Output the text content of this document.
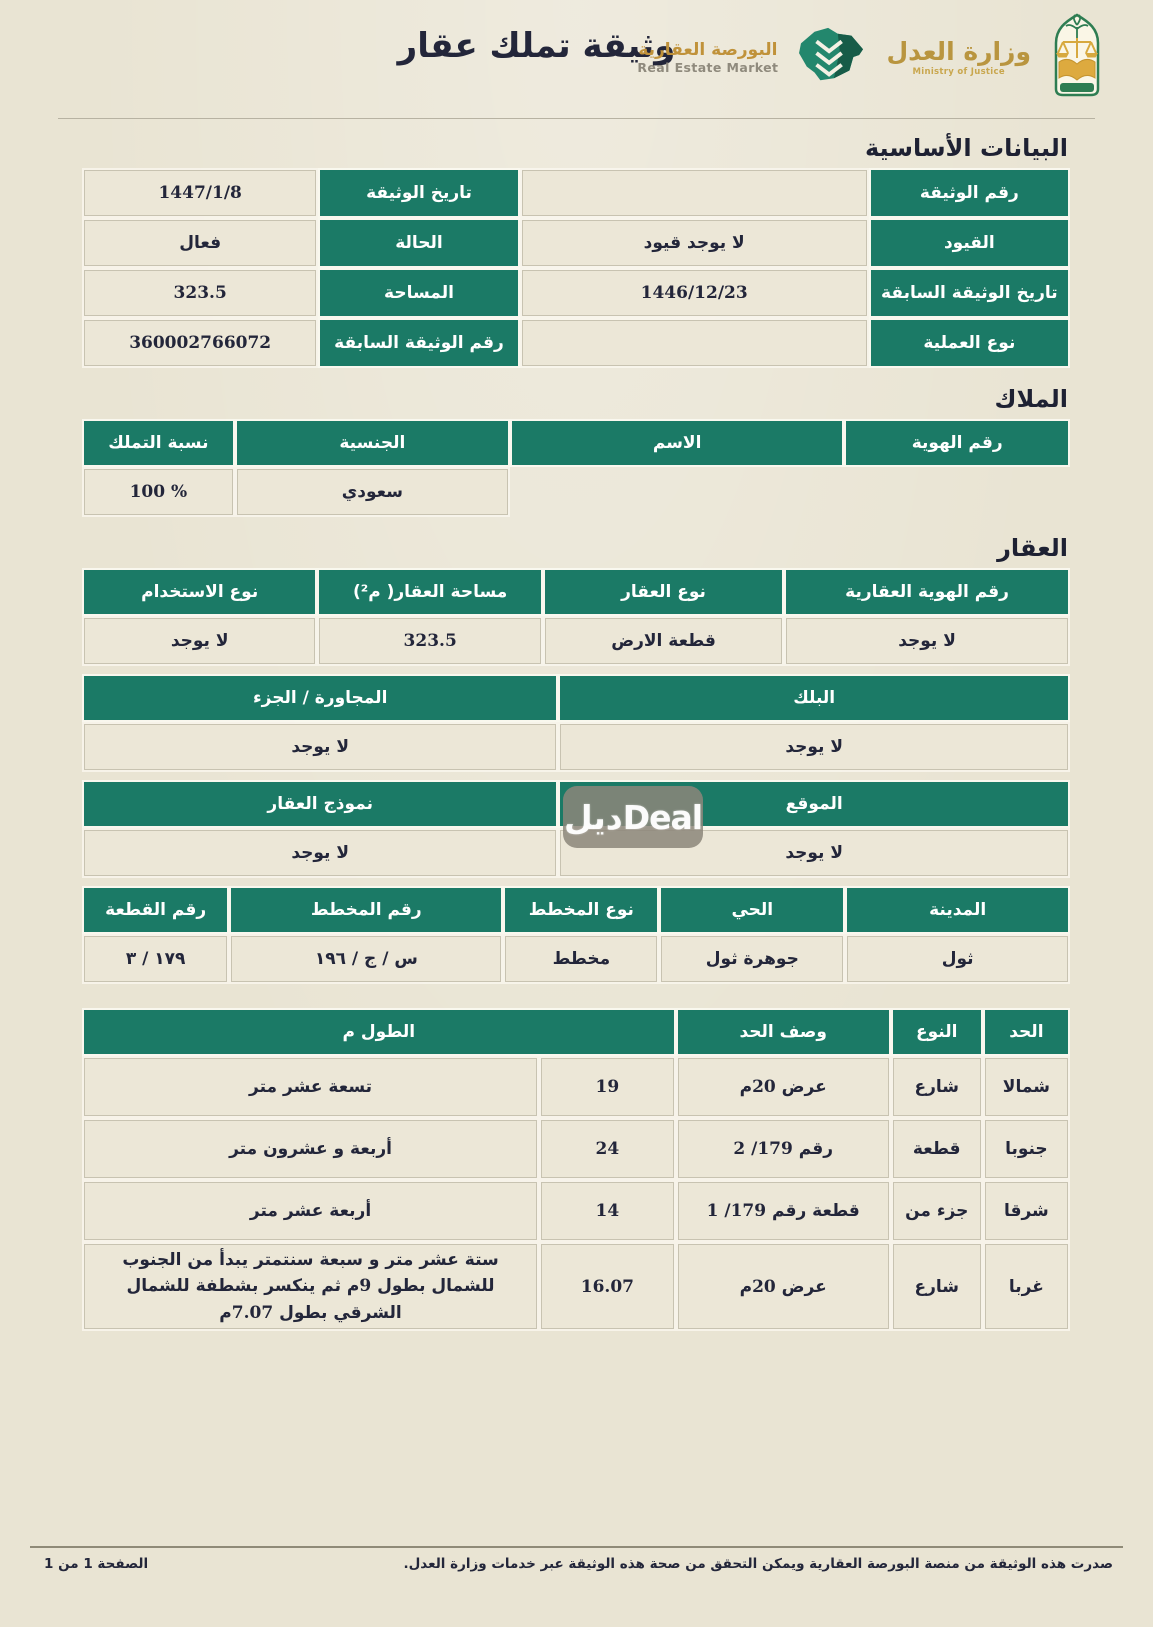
وثيقة تملك عقار
البورصة العقارية
Real Estate Market
وزارة العدل
Ministry of Justice
البيانات الأساسية
رقم الوثيقة		تاريخ الوثيقة	1447/1/8
القيود	لا يوجد قيود	الحالة	فعال
تاريخ الوثيقة السابقة	1446/12/23	المساحة	323.5
نوع العملية		رقم الوثيقة السابقة	360002766072
الملاك
رقم الهوية	الاسم	الجنسية	نسبة التملك
		سعودي	% 100
العقار
رقم الهوية العقارية	نوع العقار	مساحة العقار( م²)	نوع الاستخدام
لا يوجد	قطعة الارض	323.5	لا يوجد
البلك	المجاورة / الجزء
لا يوجد	لا يوجد
الموقع	نموذج العقار
لا يوجد	لا يوجد
المدينة	الحي	نوع المخطط	رقم المخطط	رقم القطعة
ثول	جوهرة ثول	مخطط	س / ج / ١٩٦	١٧٩ / ٣
الحد	النوع	وصف الحد	الطول م	
شمالا	شارع	عرض 20م	19	تسعة عشر متر
جنوبا	قطعة	رقم 179/ 2	24	أربعة و عشرون متر
شرقا	جزء من	قطعة رقم 179/ 1	14	أربعة عشر متر
غربا	شارع	عرض 20م	16.07	ستة عشر متر و سبعة سنتمتر يبدأ من الجنوب للشمال بطول 9م ثم ينكسر بشطفة للشمال الشرقي بطول 7.07م
ديلDeal
صدرت هذه الوثيقة من منصة البورصة العقارية ويمكن التحقق من صحة هذه الوثيقة عبر خدمات وزارة العدل.
الصفحة 1 من 1
